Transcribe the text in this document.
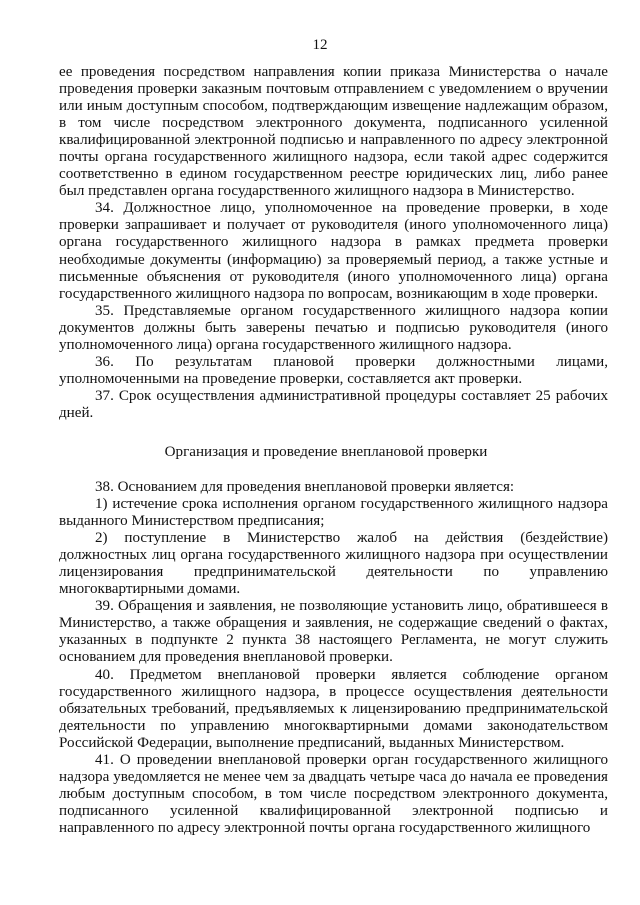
12

ее проведения посредством направления копии приказа Министерства о начале проведения проверки заказным почтовым отправлением с уведомлением о вручении или иным доступным способом, подтверждающим извещение надлежащим образом, в том числе посредством электронного документа, подписанного усиленной квалифицированной электронной подписью и направленного по адресу электронной почты органа государственного жилищного надзора, если такой адрес содержится соответственно в едином государственном реестре юридических лиц, либо ранее был представлен органа государственного жилищного надзора в Министерство.

34. Должностное лицо, уполномоченное на проведение проверки, в ходе проверки запрашивает и получает от руководителя (иного уполномоченного лица) органа государственного жилищного надзора в рамках предмета проверки необходимые документы (информацию) за проверяемый период, а также устные и письменные объяснения от руководителя (иного уполномоченного лица) органа государственного жилищного надзора по вопросам, возникающим в ходе проверки.

35. Представляемые органом государственного жилищного надзора копии документов должны быть заверены печатью и подписью руководителя (иного уполномоченного лица) органа государственного жилищного надзора.

36. По результатам плановой проверки должностными лицами, уполномоченными на проведение проверки, составляется акт проверки.

37. Срок осуществления административной процедуры составляет 25 рабочих дней.

Организация и проведение внеплановой проверки

38. Основанием для проведения внеплановой проверки является:

1) истечение срока исполнения органом государственного жилищного надзора выданного Министерством предписания;

2) поступление в Министерство жалоб на действия (бездействие) должностных лиц органа государственного жилищного надзора при осуществлении лицензирования предпринимательской деятельности по управлению многоквартирными домами.

39. Обращения и заявления, не позволяющие установить лицо, обратившееся в Министерство, а также обращения и заявления, не содержащие сведений о фактах, указанных в подпункте 2 пункта 38 настоящего Регламента, не могут служить основанием для проведения внеплановой проверки.

40. Предметом внеплановой проверки является соблюдение органом государственного жилищного надзора, в процессе осуществления деятельности обязательных требований, предъявляемых к лицензированию предпринимательской деятельности по управлению многоквартирными домами законодательством Российской Федерации, выполнение предписаний, выданных Министерством.

41. О проведении внеплановой проверки орган государственного жилищного надзора уведомляется не менее чем за двадцать четыре часа до начала ее проведения любым доступным способом, в том числе посредством электронного документа, подписанного усиленной квалифицированной электронной подписью и направленного по адресу электронной почты органа государственного жилищного
